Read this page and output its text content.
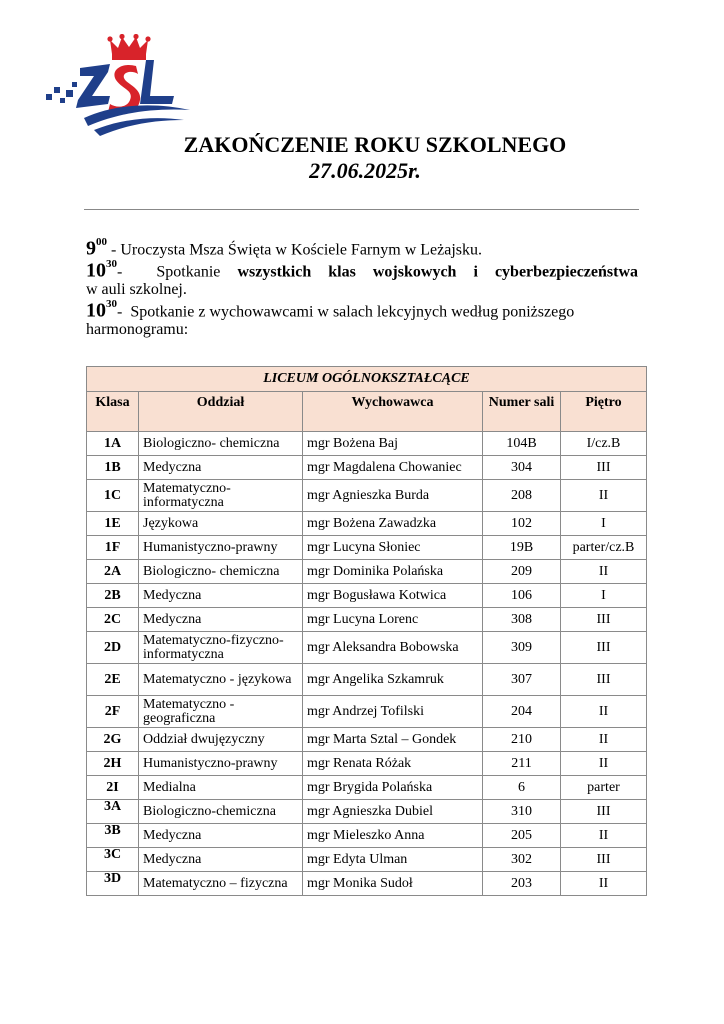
ZAKOŃCZENIE ROKU SZKOLNEGO
27.06.2025r.
$9^{00}$ - Uroczysta Msza Święta w Kościele Farnym w Leżajsku.
$10^{30}-$ Spotkanie wszystkich klas wojskowych i cyberbezpieczeństwa
w auli szkolnej.
$10^{30}-$ Spotkanie z wychowawcami w salach lekcyjnych według poniższego harmonogramu:
LICEUM OGÓLNOKSZTAŁCĄCE				
Klasa	Oddział	Wychowawca	Numer sali	Piętro
1A	Biologiczno- chemiczna	mgr Bożena Baj	104B	I/cz.B
1B	Medyczna	mgr Magdalena Chowaniec	304	III
1C	Matematyczno- informatyczna	mgr Agnieszka Burda	208	II
1E	Językowa	mgr Bożena Zawadzka	102	I
1F	Humanistyczno-prawny	mgr Lucyna Słoniec	19B	parter/cz.B
2A	Biologiczno- chemiczna	mgr Dominika Polańska	209	II
2B	Medyczna	mgr Bogusława Kotwica	106	I
2C	Medyczna	mgr Lucyna Lorenc	308	III
2D	Matematyczno-fizyczno- informatyczna	mgr Aleksandra Bobowska	309	III
2E	Matematyczno - językowa	mgr Angelika Szkamruk	307	III
2F	Matematyczno - geograficzna	mgr Andrzej Tofilski	204	II
2G	Oddział dwujęzyczny	mgr Marta Sztal – Gondek	210	II
2H	Humanistyczno-prawny	mgr Renata Różak	211	II
2I	Medialna	mgr Brygida Polańska	6	parter
3A	Biologiczno-chemiczna	mgr Agnieszka Dubiel	310	III
3B	Medyczna	mgr Mieleszko Anna	205	II
3C	Medyczna	mgr Edyta Ulman	302	III
3D	Matematyczno – fizyczna	mgr Monika Sudoł	203	II
